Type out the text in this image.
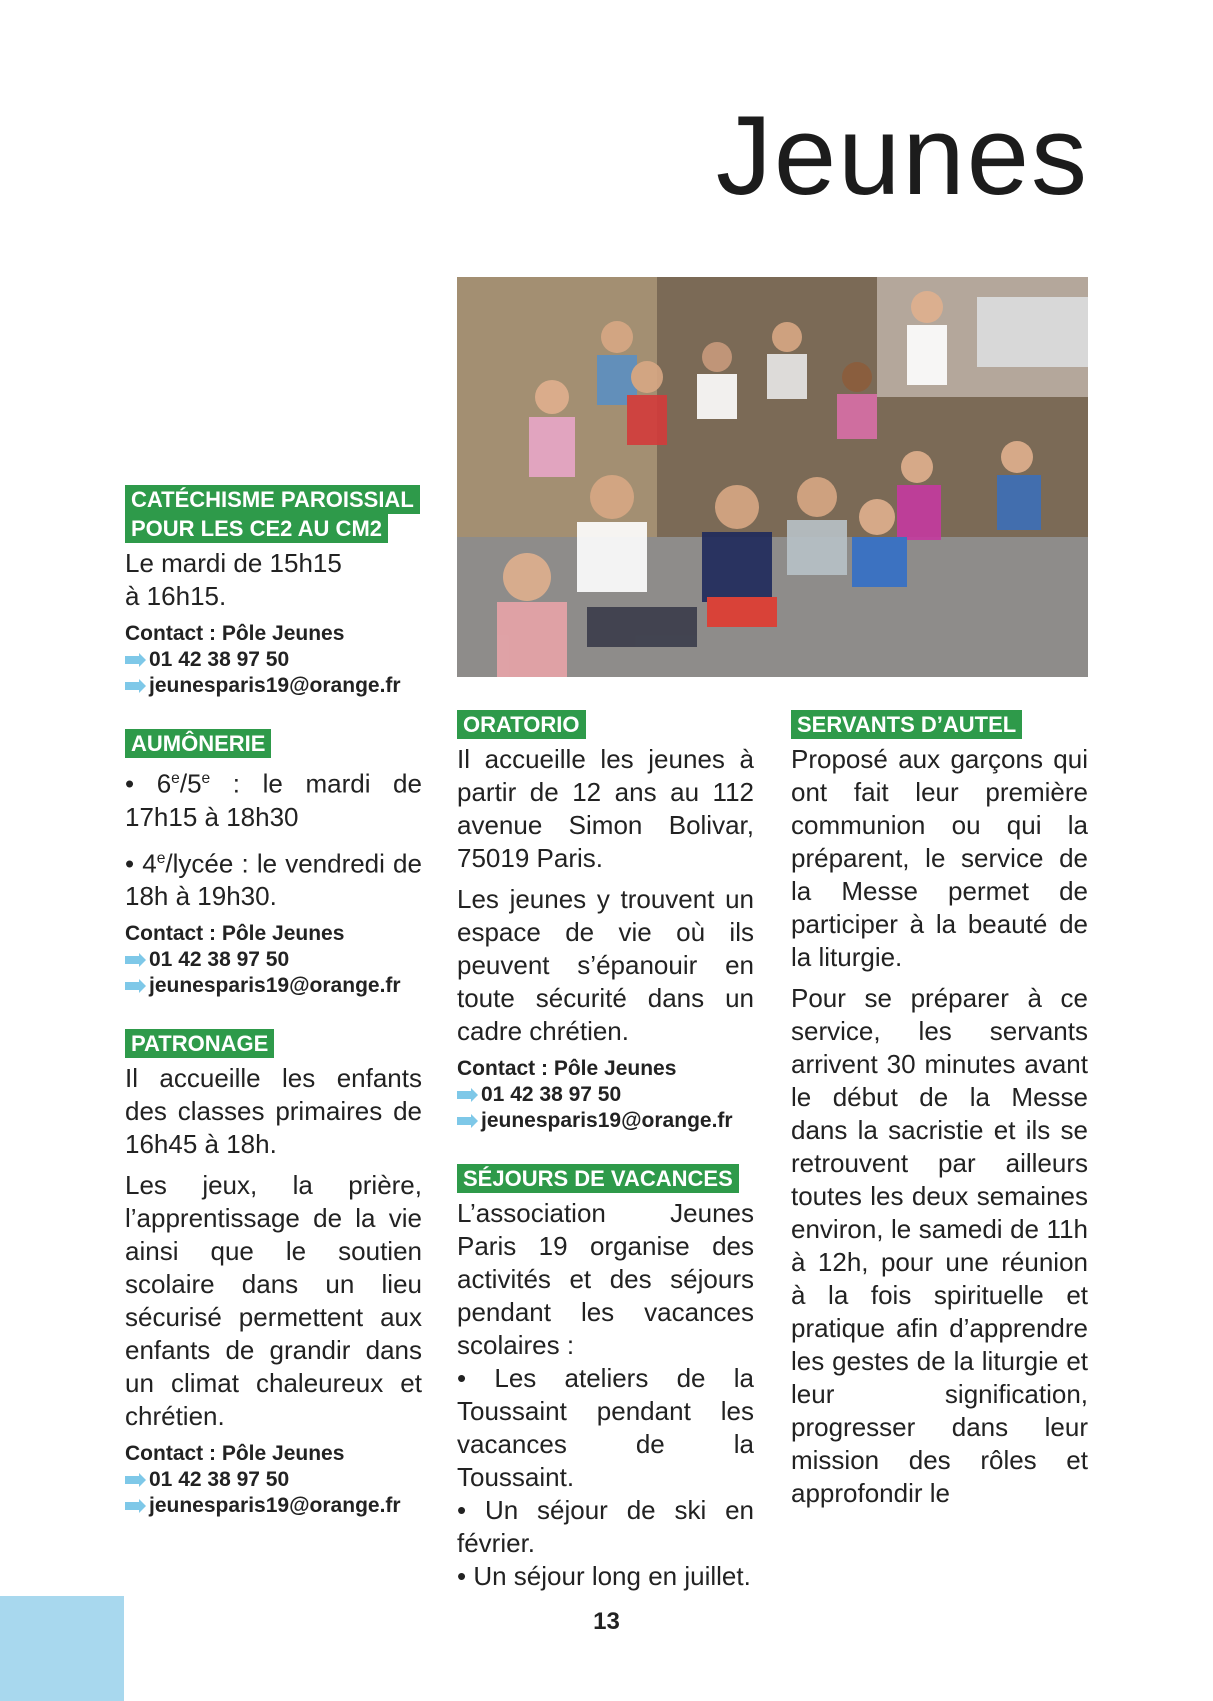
Jeunes
CATÉCHISME PAROISSIAL
POUR LES CE2 AU CM2
Le mardi de 15h15
à 16h15.
Contact : Pôle Jeunes
01 42 38 97 50
jeunesparis19@orange.fr
AUMÔNERIE

• 6e/5e : le mardi de 17h15 à 18h30

• 4e/lycée : le vendredi de 18h à 19h30.

Contact : Pôle Jeunes
01 42 38 97 50
jeunesparis19@orange.fr
PATRONAGE

Il accueille les enfants des classes primaires de 16h45 à 18h.

Les jeux, la prière, l’apprentissage de la vie ainsi que le soutien scolaire dans un lieu sécurisé permettent aux enfants de grandir dans un climat chaleureux et chrétien.

Contact : Pôle Jeunes
01 42 38 97 50
jeunesparis19@orange.fr
ORATORIO

Il accueille les jeunes à partir de 12 ans au 112 avenue Simon Bolivar, 75019 Paris.

Les jeunes y trouvent un espace de vie où ils peuvent s’épanouir en toute sécurité dans un cadre chrétien.

Contact : Pôle Jeunes
01 42 38 97 50
jeunesparis19@orange.fr
SÉJOURS DE VACANCES

L’association Jeunes Paris 19 organise des activités et des séjours pendant les vacances scolaires :

• Les ateliers de la Toussaint pendant les vacances de la Toussaint.

• Un séjour de ski en février.

• Un séjour long en juillet.

SERVANTS D’AUTEL

Proposé aux garçons qui ont fait leur première communion ou qui la préparent, le service de la Messe permet de participer à la beauté de la liturgie.

Pour se préparer à ce service, les servants arrivent 30 minutes avant le début de la Messe dans la sacristie et ils se retrouvent par ailleurs toutes les deux semaines environ, le samedi de 11h à 12h, pour une réunion à la fois spirituelle et pratique afin d’apprendre les gestes de la liturgie et leur signification, progresser dans leur mission des rôles et approfondir le

13
